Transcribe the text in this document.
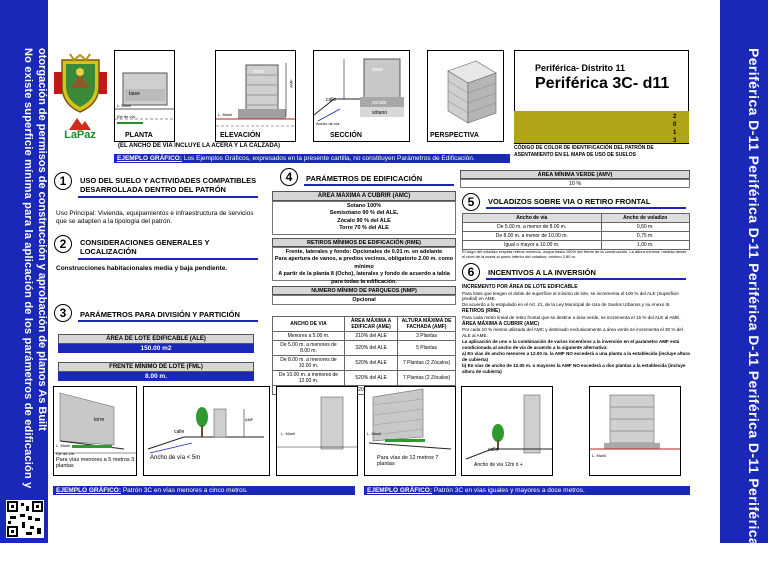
No existe superficie mínima para la aplicación de los parámetros de edificación y otorgación de permisos de construcción y aprobación de planos As Built	Periférica D-11 Periférica D-11 Periférica D-11 Periférica D-11 Periférica D-11
LaPaz
base
L. Munil
Eje de vía
PLANTA
torre
AMF
L. Munil
ELEVACIÓN
base
zocalo
sótano
calle
Ancho de vía
SECCIÓN	PERSPECTIVA
(EL ANCHO DE VIA INCLUYE LA ACERA Y LA CALZADA)
Periférica- Distrito 11
Periférica 3C- d11
2
0
1
3
CÓDIGO DE COLOR DE IDENTIFICACIÓN DEL PATRÓN DE ASENTAMIENTO EN EL MAPA DE USO DE SUELOS
EJEMPLO GRÁFICO: Los Ejemplos Gráficos, expresados en la presente cartilla, no constituyen Parámetros de Edificación.
1	USO DEL SUELO Y ACTIVIDADES COMPATIBLES DESARROLLADA DENTRO DEL PATRÓN
Uso Principal: Vivienda, equipamientos e infraestructura de servicios que se adapten a la tipología del patrón.
2	CONSIDERACIONES GENERALES Y LOCALIZACIÓN
Construcciones habitacionales media y baja pendiente.
3	PARÁMETROS PARA DIVISIÓN Y PARTICIÓN
ÁREA DE LOTE EDIFICABLE (ALE)
150.00 m2
FRENTE MÍNIMO DE LOTE (FML)
8.00 m.
4	PARÁMETROS DE EDIFICACIÓN
ÁREA MÁXIMA A CUBRIR (AMC)
Sotano 100%
Semisótano 90 % del ALE,
Zócalo 90 % del ALE
Torre 70 % del ALE
RETIROS MÍNIMOS DE EDIFICACIÓN (RME)
Frente, laterales y fondo: Opcionales de 0.01 m. en adelante
Para apertura de vanos, a predios vecinos, obligatorio 2.00 m. como mínimo
A partir de la planta 8 (Ocho), laterales y fondo de acuerdo a tabla para todas la edificación.
NUMERO MÍNIMO DE PARQUEOS (NMP)
Opcional
ANCHO DE VIA	ÁREA MÁXIMA A EDIFICAR (AME)	ALTURA MÁXIMA DE FACHADA (AMF)
Menores a 5.00 m.	210% del ALE	3 Plantas
De 5.00 m. a menores de 8.00 m.	320% del ALE	5 Plantas
De 8.00 m. a menores de 10.00 m.	520% del ALE	7 Plantas (2 Zócalos)
De 10.00 m. a menores de 12.00 m.	520% del ALE	7 Plantas (2 Zócalos)
	520%	
ÁREA MÍNIMA VERDE (AMV)
10 %
5	VOLADIZOS SOBRE VIA O RETIRO FRONTAL
Ancho de vía	Ancho de voladizo
De 5.00 m. a menor de 8.00 m.	0,50 m.
De 8.00 m. a menor de 10.00 m.	0,75 m.
Igual o mayor a 10.00 m.	1,00 m.
El largo del voladizo respeta retiros mínimos, ocupa hasta 100% del frente de la construcción. La altura mínima, medida desde el nivel de la acera al punto inferior del voladizo: mínimo 2.80 m.
6	INCENTIVOS A LA INVERSIÓN
INCREMENTO POR ÁREA DE LOTE EDIFICABLE
Para lotes que tengan el doble de superficie al mínimo de lote, se incrementa el 100 % del ALE (Superficie predial) en AME.
De acuerdo a lo estipulado en el Art. 21, de la Ley Municipal de Uso de Suelos Urbanos y su Anexo III.
RETIROS (RME)
Para cada metro lineal de retiro frontal que se destine a área verde, se incrementa el 15 % del ALE al AME.
ÁREA MÁXIMA A CUBRIR (AMC)
Por cada 10 % menos utilizado del AMC y destinado exclusivamente a área verde se incrementa el 30 % del ALE al AME.
La aplicación de uno o la combinación de varios incentivos a la inversión en el parámetro AMF está condicionada al ancho de vía de acuerdo a la siguiente alternativa:
a) En vías de ancho menores a 12.00 m. la AMF NO excederá a una planta a la establecida (incluye altura de cubierta)
b) En vías de ancho de 12.00 m. o mayores la AMF NO excederá a dos plantas a la establecida (incluye altura de cubierta)
torre
L. Munil
Eje de vía
Para vías menores a 5 metros 3 plantas
calle
AMF
Ancho de vía < 5m
L. Munil	L. Munil
Para vías de 12 metros 7 plantas
calle
Ancho de vía 12m ó +
L. Munil
EJEMPLO GRÁFICO: Patrón 3C en vías menores a cinco metros.	EJEMPLO GRÁFICO: Patrón 3C en vías iguales y mayores a doce metros.
